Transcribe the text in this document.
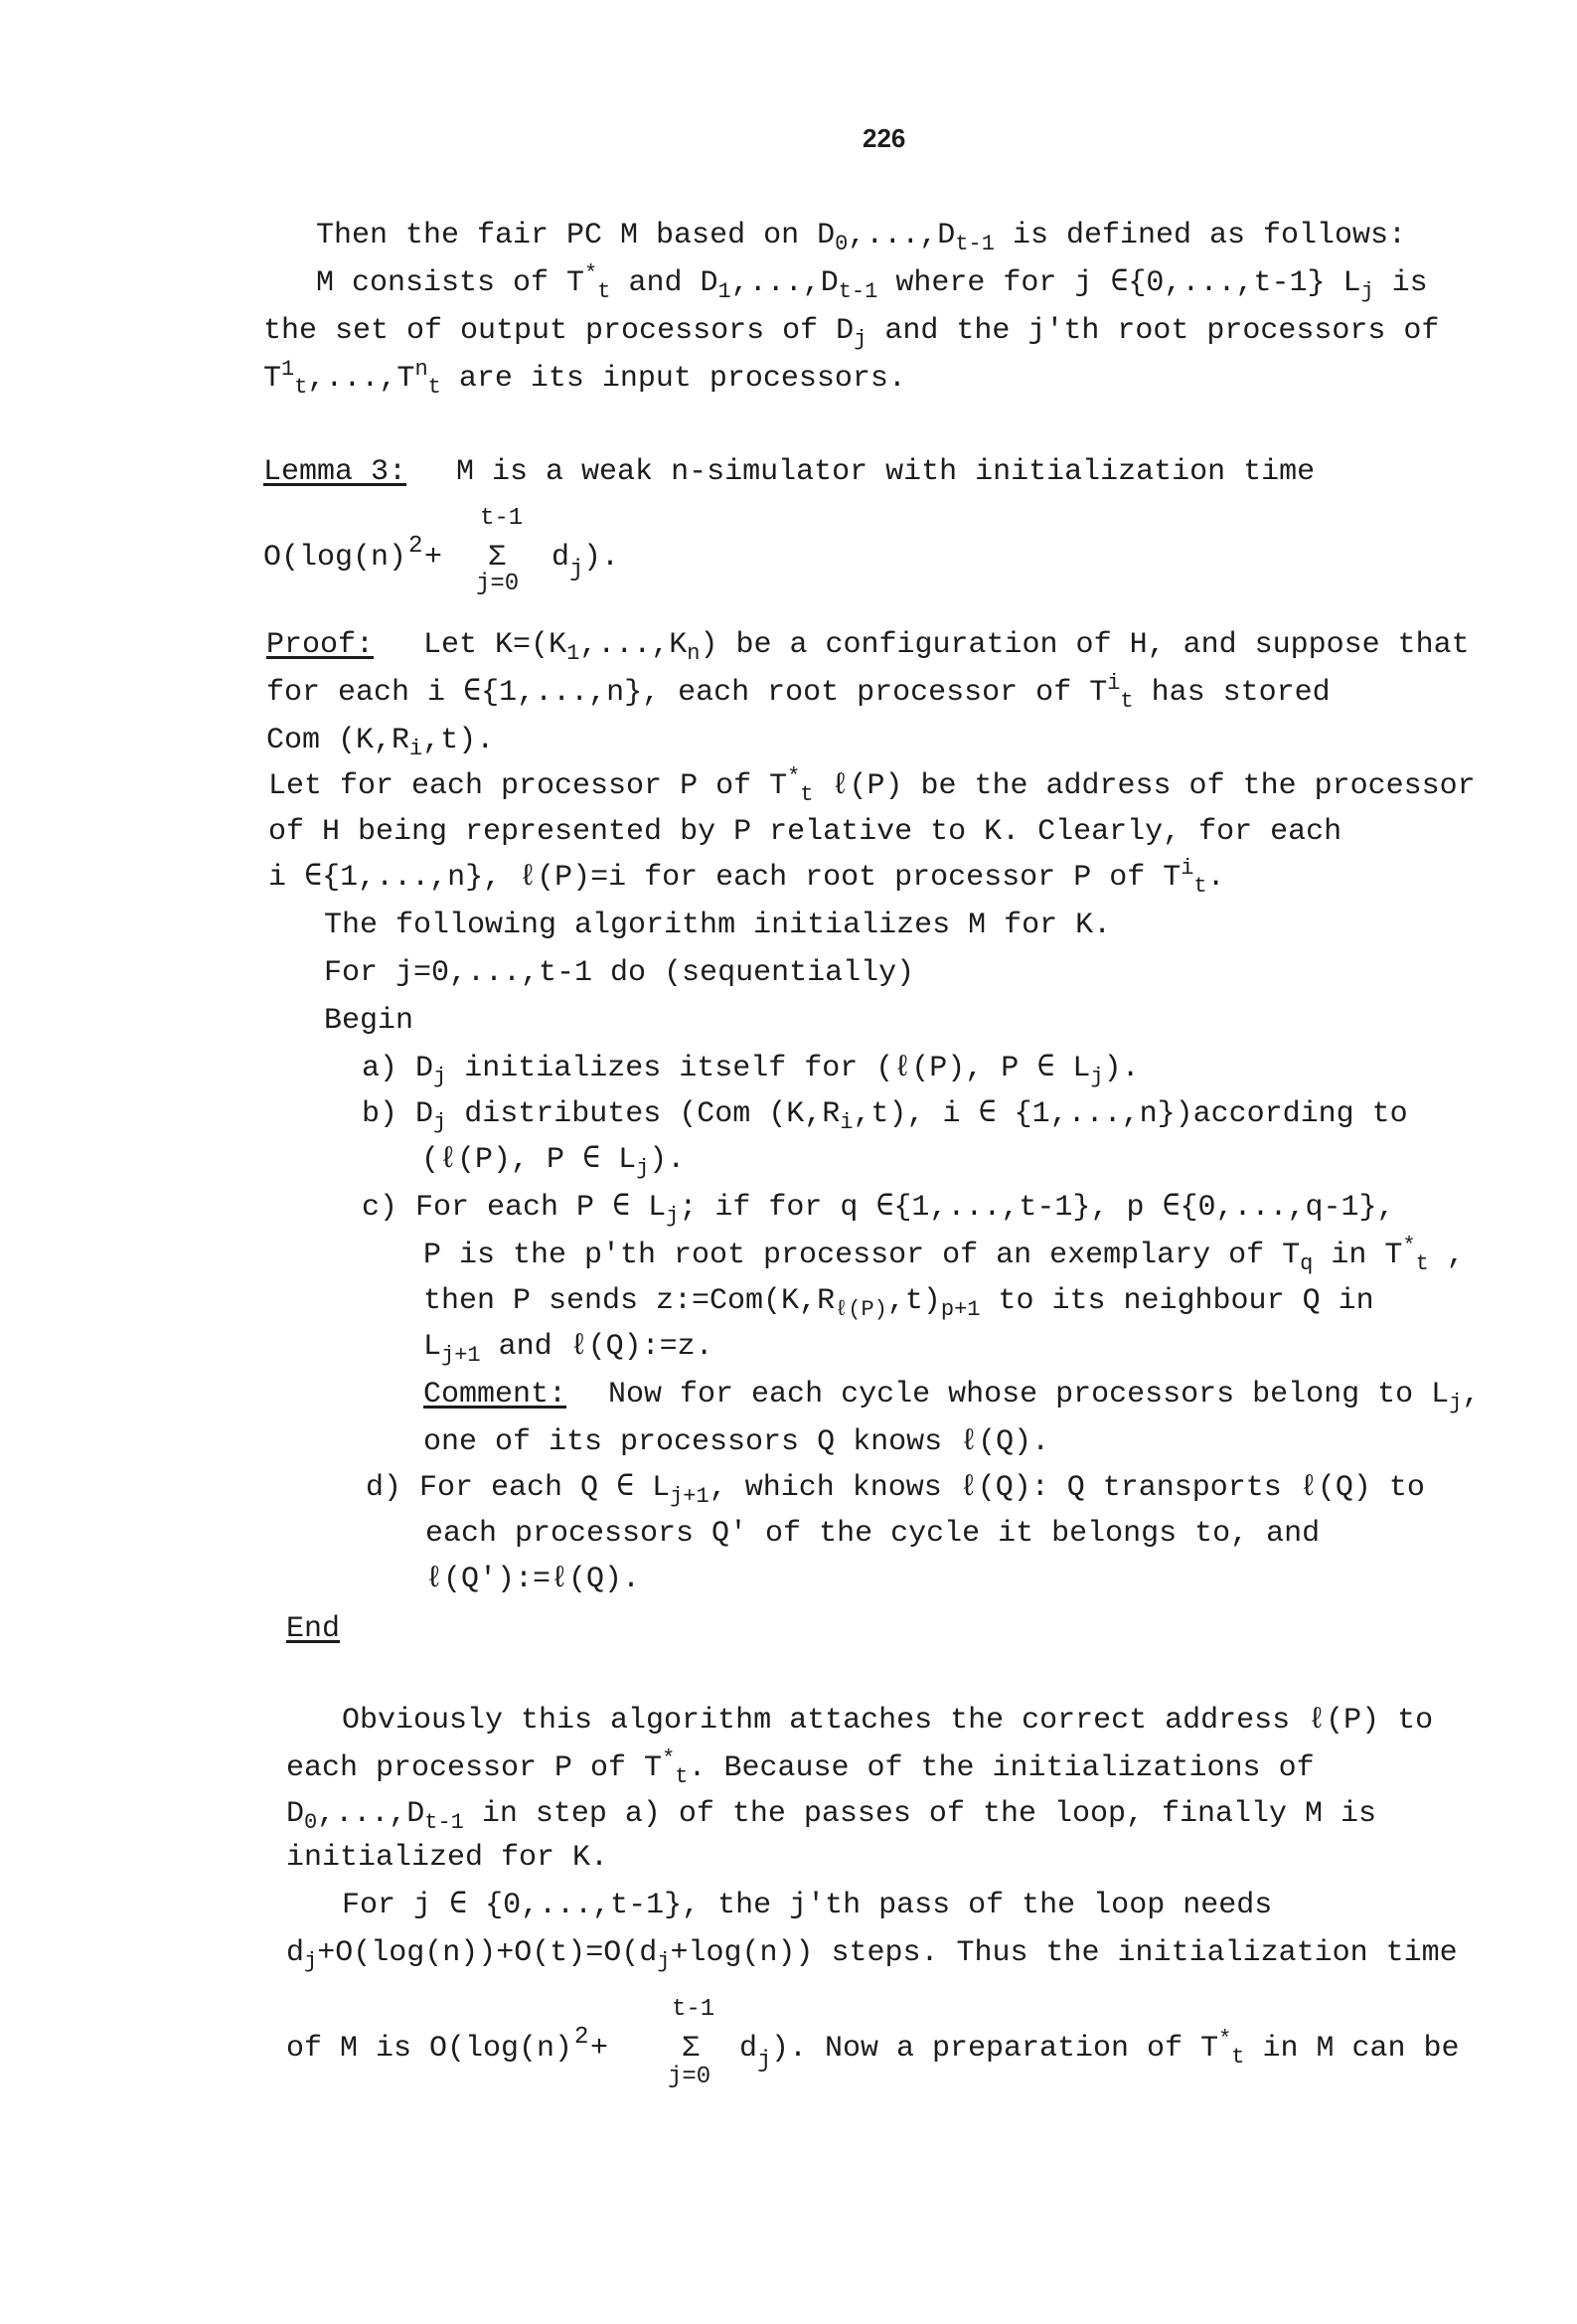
226
Then the fair PC M based on $D_0,...,D_{t-1}$ is defined as follows:
M consists of $T^*_t$ and $D_1,...,D_{t-1}$ where for j ∈{0,...,t-1} $L_j$ is
the set of output processors of $D_j$ and the j'th root processors of
$T^1_t,...,T^n_t$ are its input processors.
Lemma 3: M is a weak n-simulator with initialization time
O(log(n) 2 +
t-1
Σ
j=0
d j ).
Proof: Let $K=(K_1,...,K_n)$ be a configuration of H, and suppose that
for each i ∈{1,...,n}, each root processor of $T^i_t$ has stored
Com $(K,R_i,t)$.
Let for each processor P of $T^*_t$ ℓ(P) be the address of the processor
of H being represented by P relative to K. Clearly, for each
i ∈{1,...,n}, ℓ(P)=i for each root processor P of $T^i_t$.
The following algorithm initializes M for K.
For j=0,...,t-1 do (sequentially)
Begin
a) $D_j$ initializes itself for (ℓ(P), P ∈ $L_j$).
b) $D_j$ distributes (Com $(K,R_i,t)$, i ∈ {1,...,n})according to
(ℓ(P), P ∈ $L_j$).
c) For each P ∈ $L_j$; if for q ∈{1,...,t-1}, p ∈{0,...,q-1},
P is the p'th root processor of an exemplary of $T_q$ in $T^*_t$ ,
then P sends $z:=Com(K,R_{\ell(P)},t)_{p+1}$ to its neighbour Q in
$L_{j+1}$ and ℓ(Q):=z.
Comment: Now for each cycle whose processors belong to $L_j$,
one of its processors Q knows ℓ(Q).
d) For each Q ∈ $L_{j+1}$, which knows ℓ(Q): Q transports ℓ(Q) to
each processors Q' of the cycle it belongs to, and
ℓ(Q'):=ℓ(Q).
End
Obviously this algorithm attaches the correct address ℓ(P) to
each processor P of $T^*_t$. Because of the initializations of
$D_0,...,D_{t-1}$ in step a) of the passes of the loop, finally M is
initialized for K.
For j ∈ {0,...,t-1}, the j'th pass of the loop needs
$d_j+O(\log(n))+O(t)=O(d_j+\log(n))$ steps. Thus the initialization time
of M is O(log(n) 2 +
t-1
Σ
j=0
d j ). Now a preparation of $T^*_t$ in M can be
